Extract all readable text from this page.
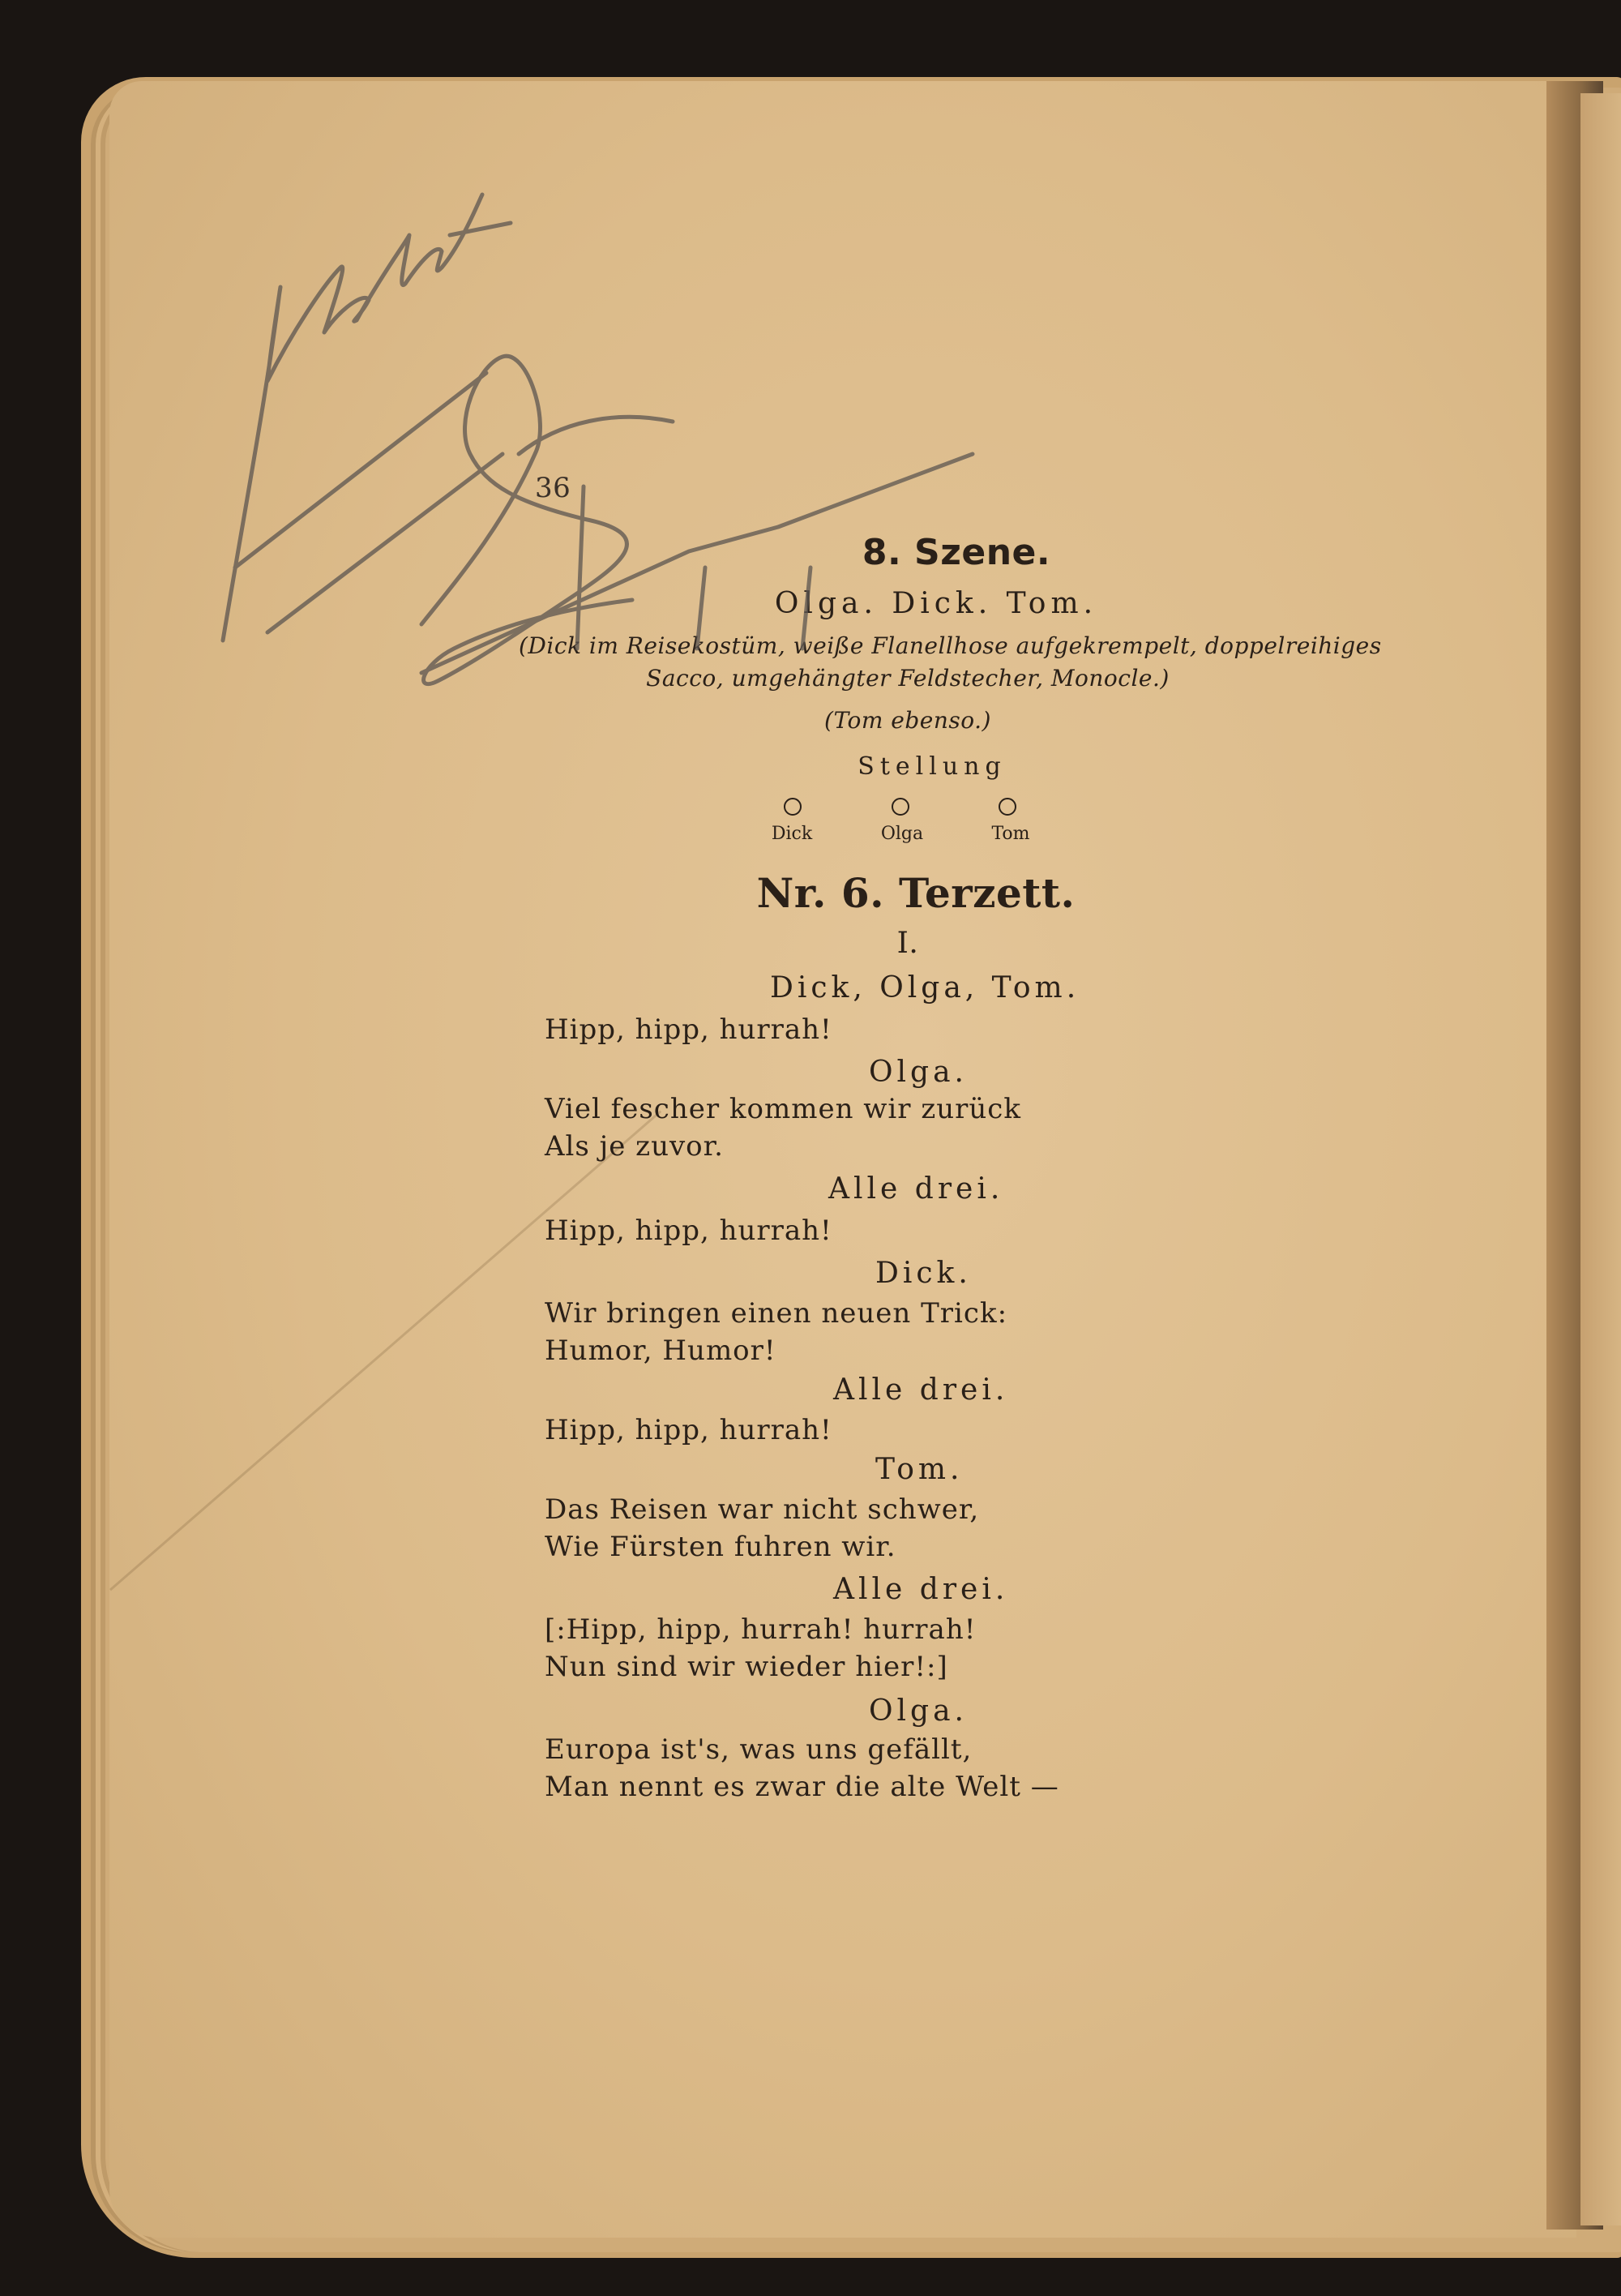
36
8. Szene.
Olga. Dick. Tom.
(Dick im Reisekostüm, weiße Flanellhose aufgekrempelt, doppelreihiges
Sacco, umgehängter Feldstecher, Monocle.)
(Tom ebenso.)
Stellung
Dick	Olga	Tom
Nr. 6. Terzett.
I.
Dick, Olga, Tom.
Hipp, hipp, hurrah!
Olga.
Viel fescher kommen wir zurück
Als je zuvor.
Alle drei.
Hipp, hipp, hurrah!
Dick.
Wir bringen einen neuen Trick:
Humor, Humor!
Alle drei.
Hipp, hipp, hurrah!
Tom.
Das Reisen war nicht schwer,
Wie Fürsten fuhren wir.
Alle drei.
[:Hipp, hipp, hurrah! hurrah!
Nun sind wir wieder hier!:]
Olga.
Europa ist's, was uns gefällt,
Man nennt es zwar die alte Welt —
